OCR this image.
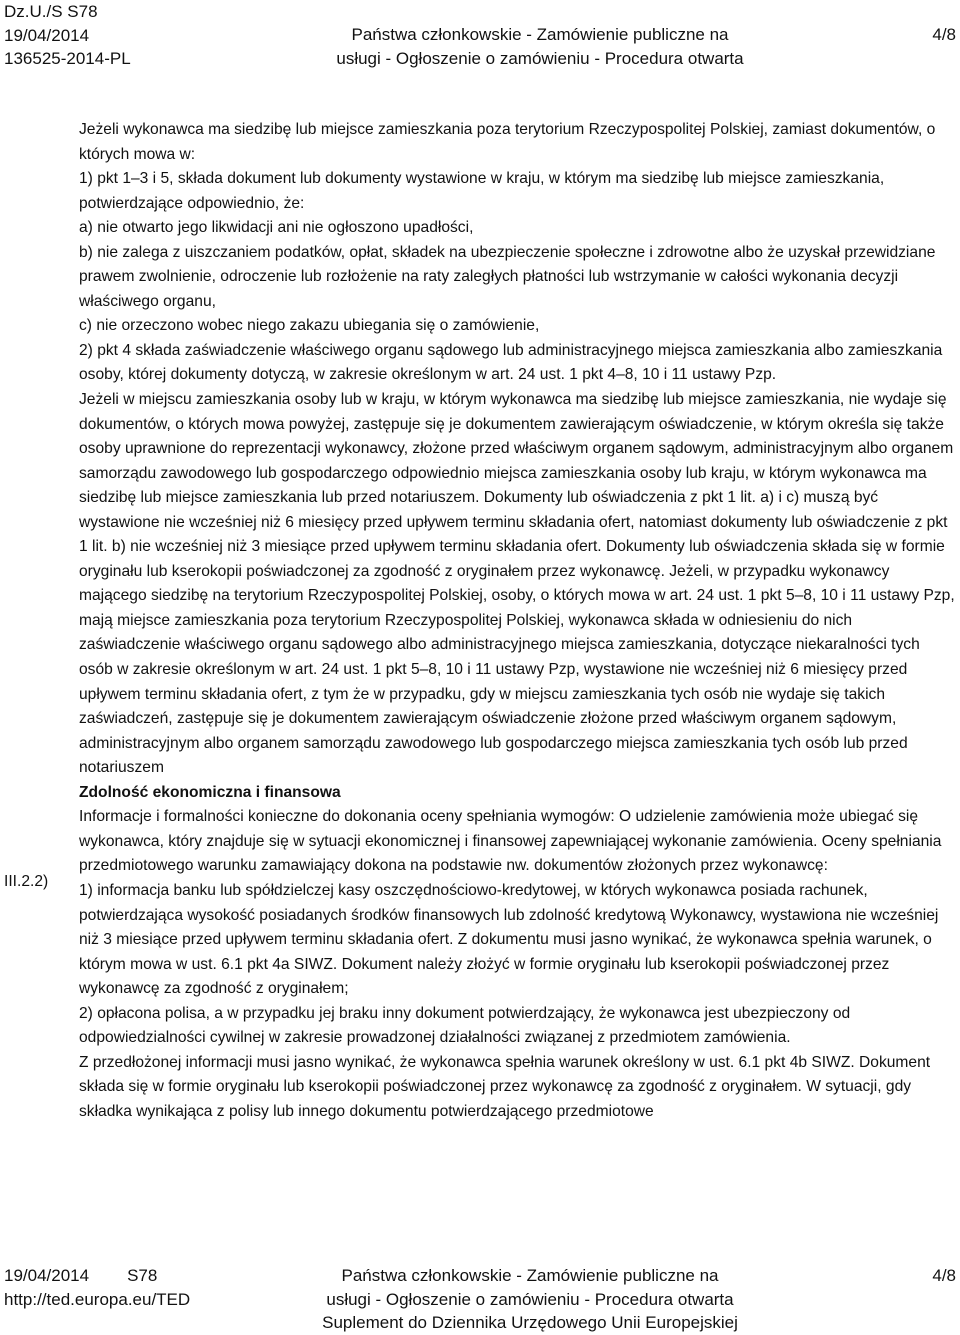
Dz.U./S S78
19/04/2014
136525-2014-PL
Państwa członkowskie - Zamówienie publiczne na
usługi - Ogłoszenie o zamówieniu - Procedura otwarta
4/8
III.2.2)

Jeżeli wykonawca ma siedzibę lub miejsce zamieszkania poza terytorium Rzeczypospolitej Polskiej, zamiast dokumentów, o których mowa w:

1) pkt 1–3 i 5, składa dokument lub dokumenty wystawione w kraju, w którym ma siedzibę lub miejsce zamieszkania, potwierdzające odpowiednio, że:

a) nie otwarto jego likwidacji ani nie ogłoszono upadłości,

b) nie zalega z uiszczaniem podatków, opłat, składek na ubezpieczenie społeczne i zdrowotne albo że uzyskał przewidziane prawem zwolnienie, odroczenie lub rozłożenie na raty zaległych płatności lub wstrzymanie w całości wykonania decyzji właściwego organu,

c) nie orzeczono wobec niego zakazu ubiegania się o zamówienie,

2) pkt 4 składa zaświadczenie właściwego organu sądowego lub administracyjnego miejsca zamieszkania albo zamieszkania osoby, której dokumenty dotyczą, w zakresie określonym w art. 24 ust. 1 pkt 4–8, 10 i 11 ustawy Pzp.

Jeżeli w miejscu zamieszkania osoby lub w kraju, w którym wykonawca ma siedzibę lub miejsce zamieszkania, nie wydaje się dokumentów, o których mowa powyżej, zastępuje się je dokumentem zawierającym oświadczenie, w którym określa się także osoby uprawnione do reprezentacji wykonawcy, złożone przed właściwym organem sądowym, administracyjnym albo organem samorządu zawodowego lub gospodarczego odpowiednio miejsca zamieszkania osoby lub kraju, w którym wykonawca ma siedzibę lub miejsce zamieszkania lub przed notariuszem. Dokumenty lub oświadczenia z pkt 1 lit. a) i c) muszą być wystawione nie wcześniej niż 6 miesięcy przed upływem terminu składania ofert, natomiast dokumenty lub oświadczenie z pkt 1 lit. b) nie wcześniej niż 3 miesiące przed upływem terminu składania ofert. Dokumenty lub oświadczenia składa się w formie oryginału lub kserokopii poświadczonej za zgodność z oryginałem przez wykonawcę. Jeżeli, w przypadku wykonawcy mającego siedzibę na terytorium Rzeczypospolitej Polskiej, osoby, o których mowa w art. 24 ust. 1 pkt 5–8, 10 i 11 ustawy Pzp, mają miejsce zamieszkania poza terytorium Rzeczypospolitej Polskiej, wykonawca składa w odniesieniu do nich zaświadczenie właściwego organu sądowego albo administracyjnego miejsca zamieszkania, dotyczące niekaralności tych osób w zakresie określonym w art. 24 ust. 1 pkt 5–8, 10 i 11 ustawy Pzp, wystawione nie wcześniej niż 6 miesięcy przed upływem terminu składania ofert, z tym że w przypadku, gdy w miejscu zamieszkania tych osób nie wydaje się takich zaświadczeń, zastępuje się je dokumentem zawierającym oświadczenie złożone przed właściwym organem sądowym, administracyjnym albo organem samorządu zawodowego lub gospodarczego miejsca zamieszkania tych osób lub przed notariuszem

Zdolność ekonomiczna i finansowa

Informacje i formalności konieczne do dokonania oceny spełniania wymogów: O udzielenie zamówienia może ubiegać się wykonawca, który znajduje się w sytuacji ekonomicznej i finansowej zapewniającej wykonanie zamówienia. Oceny spełniania przedmiotowego warunku zamawiający dokona na podstawie nw. dokumentów złożonych przez wykonawcę:

1) informacja banku lub spółdzielczej kasy oszczędnościowo-kredytowej, w których wykonawca posiada rachunek, potwierdzająca wysokość posiadanych środków finansowych lub zdolność kredytową Wykonawcy, wystawiona nie wcześniej niż 3 miesiące przed upływem terminu składania ofert. Z dokumentu musi jasno wynikać, że wykonawca spełnia warunek, o którym mowa w ust. 6.1 pkt 4a SIWZ. Dokument należy złożyć w formie oryginału lub kserokopii poświadczonej przez wykonawcę za zgodność z oryginałem;

2) opłacona polisa, a w przypadku jej braku inny dokument potwierdzający, że wykonawca jest ubezpieczony od odpowiedzialności cywilnej w zakresie prowadzonej działalności związanej z przedmiotem zamówienia.

Z przedłożonej informacji musi jasno wynikać, że wykonawca spełnia warunek określony w ust. 6.1 pkt 4b SIWZ. Dokument składa się w formie oryginału lub kserokopii poświadczonej przez wykonawcę za zgodność z oryginałem. W sytuacji, gdy składka wynikająca z polisy lub innego dokumentu potwierdzającego przedmiotowe

19/04/2014 S78
http://ted.europa.eu/TED
Państwa członkowskie - Zamówienie publiczne na
usługi - Ogłoszenie o zamówieniu - Procedura otwarta
Suplement do Dziennika Urzędowego Unii Europejskiej
4/8
